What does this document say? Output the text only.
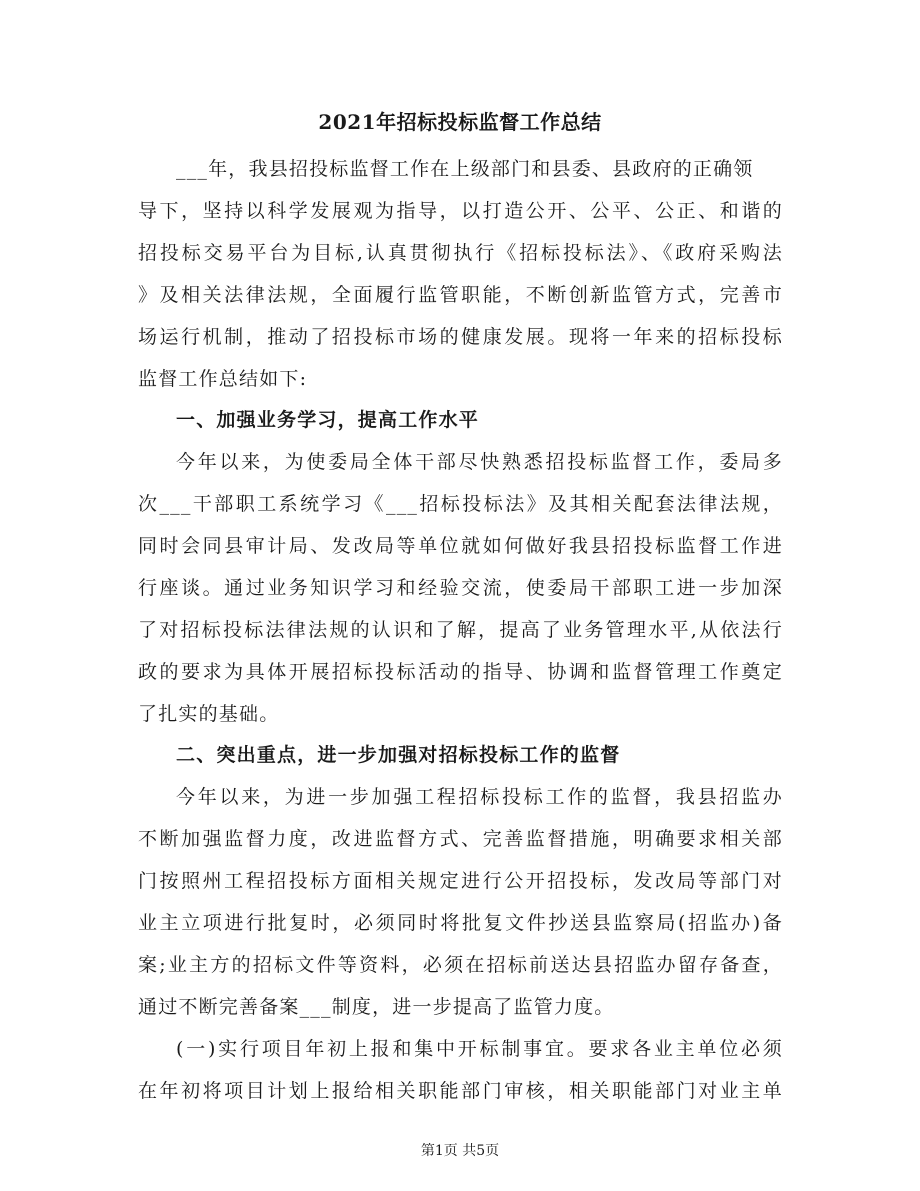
2021年招标投标监督工作总结
___年，我县招投标监督工作在上级部门和县委、县政府的正确领
导下，坚持以科学发展观为指导，以打造公开、公平、公正、和谐的
招投标交易平台为目标,认真贯彻执行《招标投标法》、《政府采购法
》及相关法律法规，全面履行监管职能，不断创新监管方式，完善市
场运行机制，推动了招投标市场的健康发展。现将一年来的招标投标
监督工作总结如下:
一、加强业务学习，提高工作水平
今年以来，为使委局全体干部尽快熟悉招投标监督工作，委局多
次___干部职工系统学习《___招标投标法》及其相关配套法律法规，
同时会同县审计局、发改局等单位就如何做好我县招投标监督工作进
行座谈。通过业务知识学习和经验交流，使委局干部职工进一步加深
了对招标投标法律法规的认识和了解，提高了业务管理水平,从依法行
政的要求为具体开展招标投标活动的指导、协调和监督管理工作奠定
了扎实的基础。
二、突出重点，进一步加强对招标投标工作的监督
今年以来，为进一步加强工程招标投标工作的监督，我县招监办
不断加强监督力度，改进监督方式、完善监督措施，明确要求相关部
门按照州工程招投标方面相关规定进行公开招投标，发改局等部门对
业主立项进行批复时，必须同时将批复文件抄送县监察局(招监办)备
案;业主方的招标文件等资料，必须在招标前送达县招监办留存备查，
通过不断完善备案___制度，进一步提高了监管力度。
(一)实行项目年初上报和集中开标制事宜。要求各业主单位必须
在年初将项目计划上报给相关职能部门审核，相关职能部门对业主单
第1页 共5页
